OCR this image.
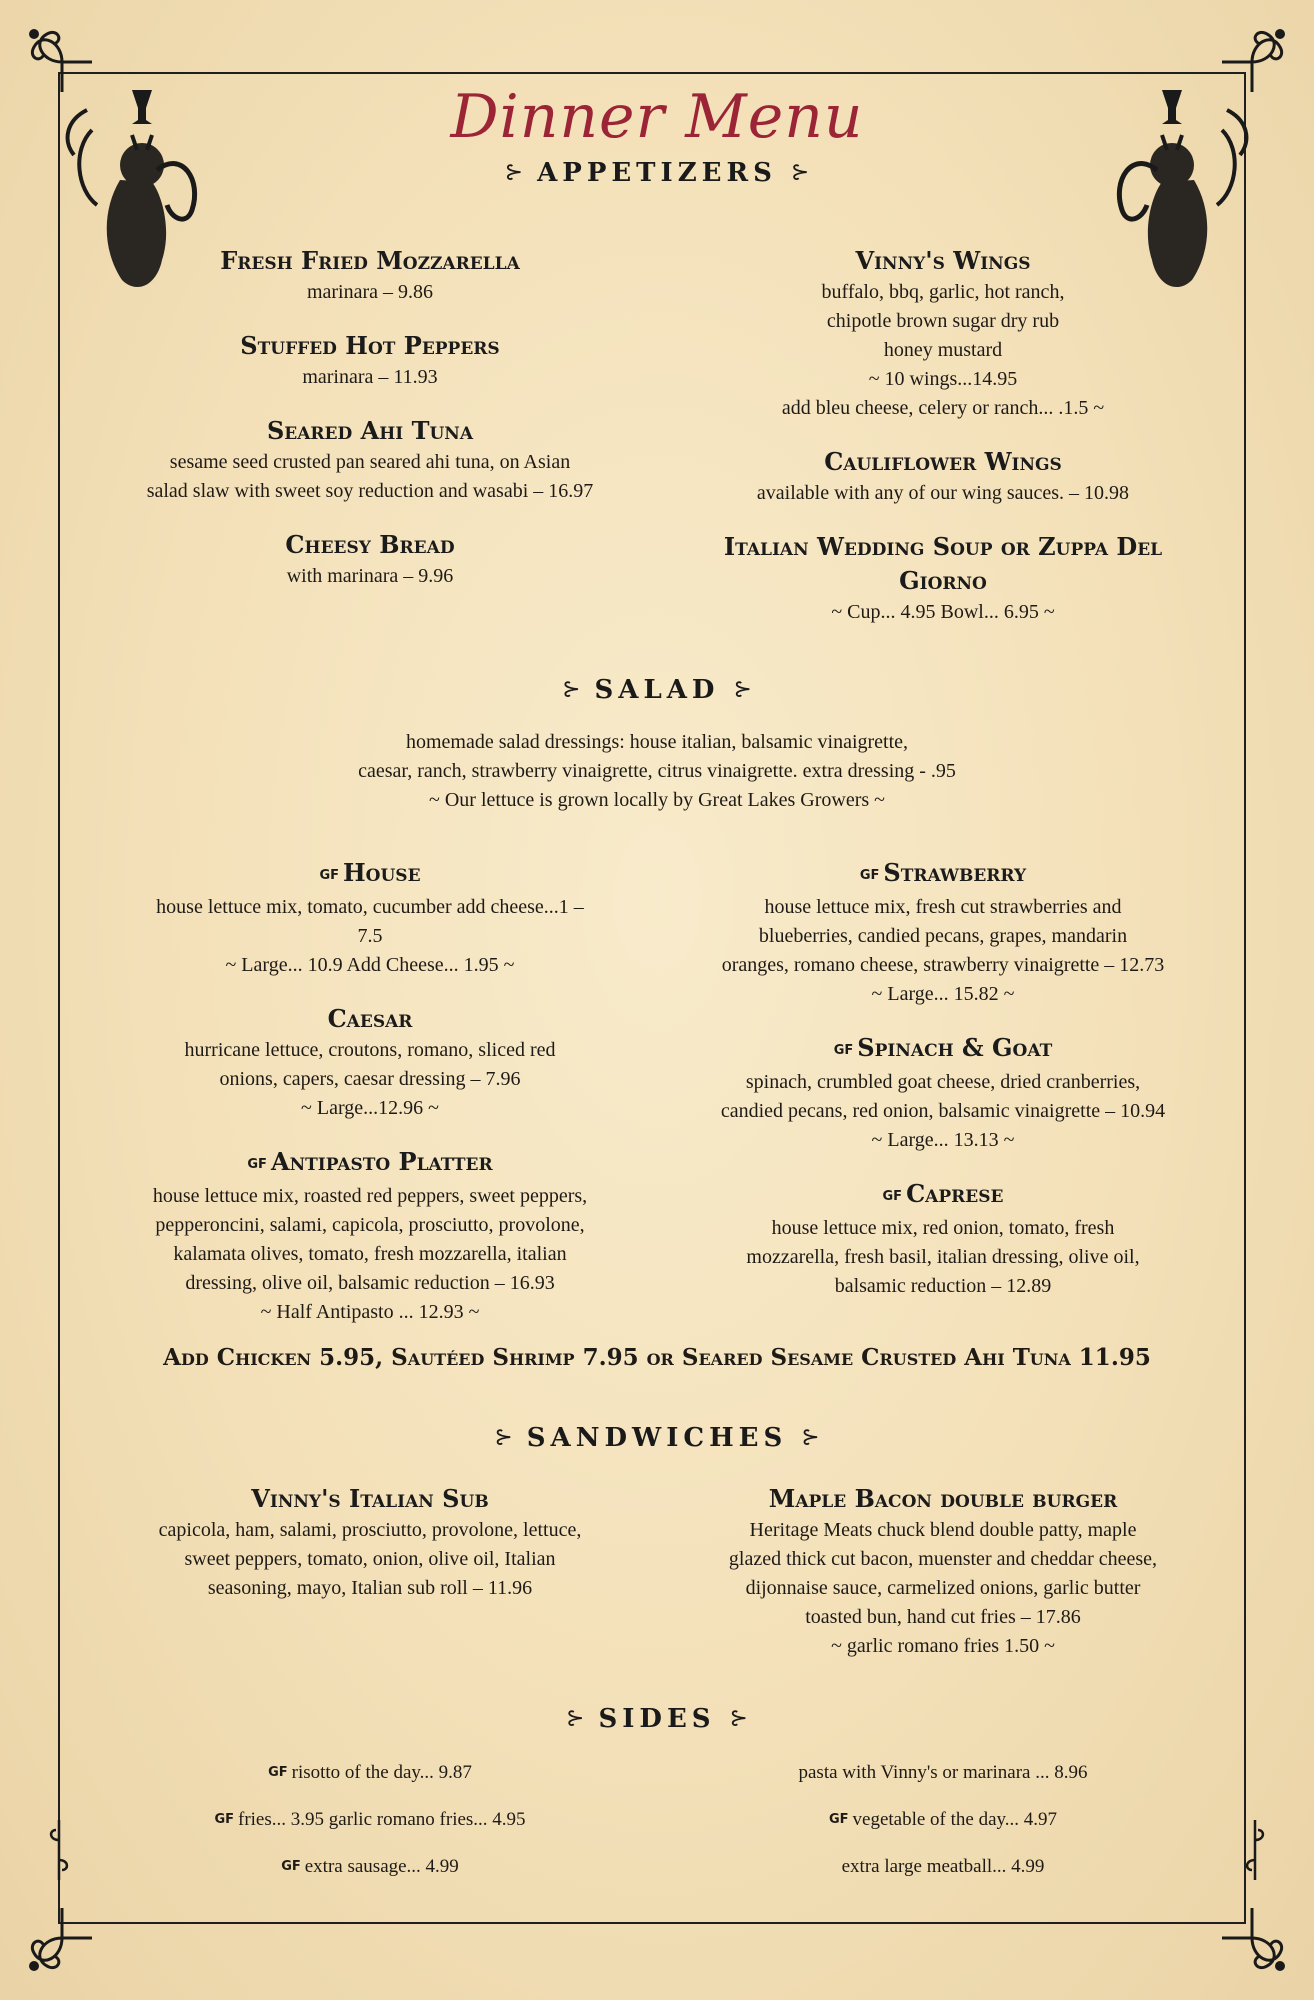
Dinner Menu
⊱ APPETIZERS ⊱
Fresh Fried Mozzarella
marinara – 9.86
Stuffed Hot Peppers
marinara – 11.93
Seared Ahi Tuna
sesame seed crusted pan seared ahi tuna, on Asian
salad slaw with sweet soy reduction and wasabi – 16.97
Cheesy Bread
with marinara – 9.96
Vinny's Wings
buffalo, bbq, garlic, hot ranch,
chipotle brown sugar dry rub
honey mustard
~ 10 wings...14.95
add bleu cheese, celery or ranch... .1.5 ~
Cauliflower Wings
available with any of our wing sauces. – 10.98
Italian Wedding Soup or Zuppa Del Giorno
~ Cup... 4.95 Bowl... 6.95 ~
⊱ SALAD ⊱
homemade salad dressings: house italian, balsamic vinaigrette,
caesar, ranch, strawberry vinaigrette, citrus vinaigrette. extra dressing - .95
~ Our lettuce is grown locally by Great Lakes Growers ~
GF House
house lettuce mix, tomato, cucumber add cheese...1 –
7.5
~ Large... 10.9 Add Cheese... 1.95 ~
Caesar
hurricane lettuce, croutons, romano, sliced red
onions, capers, caesar dressing – 7.96
~ Large...12.96 ~
GF Antipasto Platter
house lettuce mix, roasted red peppers, sweet peppers,
pepperoncini, salami, capicola, prosciutto, provolone,
kalamata olives, tomato, fresh mozzarella, italian
dressing, olive oil, balsamic reduction – 16.93
~ Half Antipasto ... 12.93 ~
GF Strawberry
house lettuce mix, fresh cut strawberries and
blueberries, candied pecans, grapes, mandarin
oranges, romano cheese, strawberry vinaigrette – 12.73
~ Large... 15.82 ~
GF Spinach & Goat
spinach, crumbled goat cheese, dried cranberries,
candied pecans, red onion, balsamic vinaigrette – 10.94
~ Large... 13.13 ~
GF Caprese
house lettuce mix, red onion, tomato, fresh
mozzarella, fresh basil, italian dressing, olive oil,
balsamic reduction – 12.89
Add Chicken 5.95, Sautéed Shrimp 7.95 or Seared Sesame Crusted Ahi Tuna 11.95
⊱ SANDWICHES ⊱
Vinny's Italian Sub
capicola, ham, salami, prosciutto, provolone, lettuce,
sweet peppers, tomato, onion, olive oil, Italian
seasoning, mayo, Italian sub roll – 11.96
Maple Bacon double burger
Heritage Meats chuck blend double patty, maple
glazed thick cut bacon, muenster and cheddar cheese,
dijonnaise sauce, carmelized onions, garlic butter
toasted bun, hand cut fries – 17.86
~ garlic romano fries 1.50 ~
⊱ SIDES ⊱
GF risotto of the day... 9.87
GF fries... 3.95 garlic romano fries... 4.95
GF extra sausage... 4.99
pasta with Vinny's or marinara ... 8.96
GF vegetable of the day... 4.97
extra large meatball... 4.99
